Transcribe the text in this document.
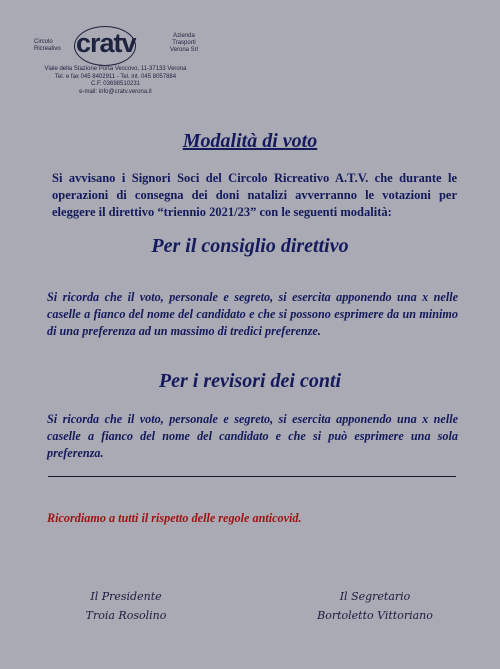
Circolo
Ricreativo cratv	Azienda
Trasporti
Verona Srl
Viale della Stazione Porta Vescovo, 11-37133 Verona
Tel. e fax 045 8402911 - Tel. int. 045 8057884
C.F. 03698510231
e-mail: info@cratv.verona.it
Modalità di voto
Si avvisano i Signori Soci del Circolo Ricreativo A.T.V. che durante le operazioni di consegna dei doni natalizi avverranno le votazioni per eleggere il direttivo “triennio 2021/23” con le seguenti modalità:
Per il consiglio direttivo
Si ricorda che il voto, personale e segreto, si esercita apponendo una x nelle caselle a fianco del nome del candidato e che si possono esprimere da un minimo di una preferenza ad un massimo di tredici preferenze.
Per i revisori dei conti
Si ricorda che il voto, personale e segreto, si esercita apponendo una x nelle caselle a fianco del nome del candidato e che si può esprimere una sola preferenza.
Ricordiamo a tutti il rispetto delle regole anticovid.
Il Presidente
Troia Rosolino
Il Segretario
Bortoletto Vittoriano
